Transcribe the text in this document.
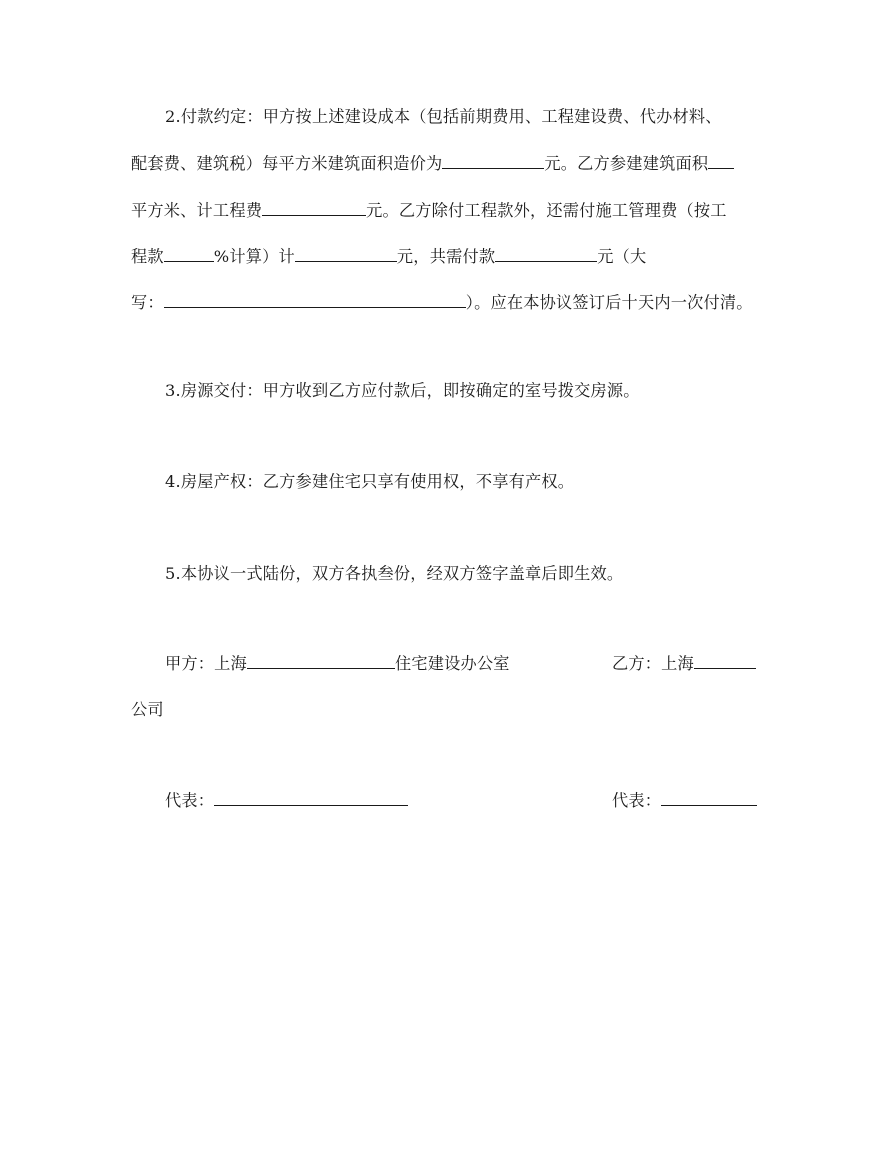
2.付款约定：甲方按上述建设成本（包括前期费用、工程建设费、代办材料、
配套费、建筑税）每平方米建筑面积造价为	元。乙方参建建筑面积
平方米、计工程费	元。乙方除付工程款外，还需付施工管理费（按工
程款	%计算）计	元，共需付款	元（大
写：	）。应在本协议签订后十天内一次付清。
3.房源交付：甲方收到乙方应付款后，即按确定的室号拨交房源。
4.房屋产权：乙方参建住宅只享有使用权，不享有产权。
5.本协议一式陆份，双方各执叁份，经双方签字盖章后即生效。
甲方：上海	住宅建设办公室	乙方：上海
公司
代表：	代表：
